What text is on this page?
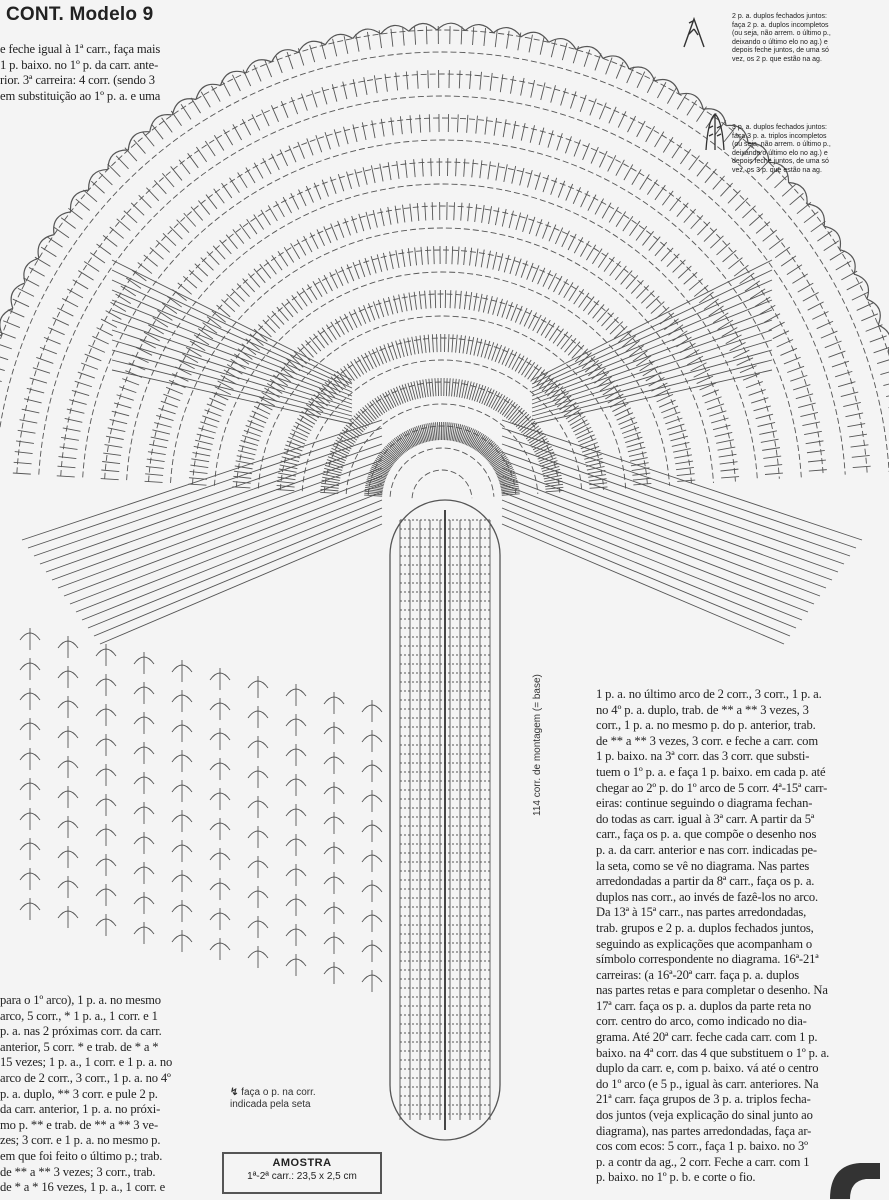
CONT. Modelo 9

e feche igual à 1ª carr., faça mais

1 p. baixo. no 1º p. da carr. ante-

rior. 3ª carreira: 4 corr. (sendo 3

em substituição ao 1º p. a. e uma

2 p. a. duplos fechados juntos:

faça 2 p. a. duplos incompletos

(ou seja, não arrem. o último p.,

deixando o último elo no ag.) e

depois feche juntos, de uma só

vez, os 2 p. que estão na ag.

3 p. a. duplos fechados juntos:

faça 3 p. a. triplos incompletos

(ou seja, não arrem. o último p.,

deixando o último elo no ag.) e

depois feche juntos, de uma só

vez, os 3 p. que estão na ag.

114 corr. de montagem (= base)	1 p. a. no último arco de 2 corr., 3 corr., 1 p. a.

no 4º p. a. duplo, trab. de ** a ** 3 vezes, 3

corr., 1 p. a. no mesmo p. do p. anterior, trab.

de ** a ** 3 vezes, 3 corr. e feche a carr. com

1 p. baixo. na 3ª corr. das 3 corr. que substi-

tuem o 1º p. a. e faça 1 p. baixo. em cada p. até

chegar ao 2º p. do 1º arco de 5 corr. 4ª-15ª carr-

eiras: continue seguindo o diagrama fechan-

do todas as carr. igual à 3ª carr. A partir da 5ª

carr., faça os p. a. que compõe o desenho nos

p. a. da carr. anterior e nas corr. indicadas pe-

la seta, como se vê no diagrama. Nas partes

arredondadas a partir da 8ª carr., faça os p. a.

duplos nas corr., ao invés de fazê-los no arco.

Da 13ª à 15ª carr., nas partes arredondadas,

trab. grupos e 2 p. a. duplos fechados juntos,

seguindo as explicações que acompanham o

símbolo correspondente no diagrama. 16ª-21ª

carreiras: (a 16ª-20ª carr. faça p. a. duplos

nas partes retas e para completar o desenho. Na

17ª carr. faça os p. a. duplos da parte reta no

corr. centro do arco, como indicado no dia-

grama. Até 20ª carr. feche cada carr. com 1 p.

baixo. na 4ª corr. das 4 que substituem o 1º p. a.

duplo da carr. e, com p. baixo. vá até o centro

do 1º arco (e 5 p., igual às carr. anteriores. Na

21ª carr. faça grupos de 3 p. a. triplos fecha-

dos juntos (veja explicação do sinal junto ao

diagrama), nas partes arredondadas, faça ar-

cos com ecos: 5 corr., faça 1 p. baixo. no 3º

p. a contr da ag., 2 corr. Feche a carr. com 1

p. baixo. no 1º p. b. e corte o fio.

para o 1º arco), 1 p. a. no mesmo

arco, 5 corr., * 1 p. a., 1 corr. e 1

p. a. nas 2 próximas corr. da carr.

anterior, 5 corr. * e trab. de * a *

15 vezes; 1 p. a., 1 corr. e 1 p. a. no

arco de 2 corr., 3 corr., 1 p. a. no 4º

p. a. duplo, ** 3 corr. e pule 2 p.

da carr. anterior, 1 p. a. no próxi-

mo p. ** e trab. de ** a ** 3 ve-

zes; 3 corr. e 1 p. a. no mesmo p.

em que foi feito o último p.; trab.

de ** a ** 3 vezes; 3 corr., trab.

de * a * 16 vezes, 1 p. a., 1 corr. e

↯ faça o p. na corr. indicada pela seta
AMOSTRA
1ª-2ª carr.: 23,5 x 2,5 cm
